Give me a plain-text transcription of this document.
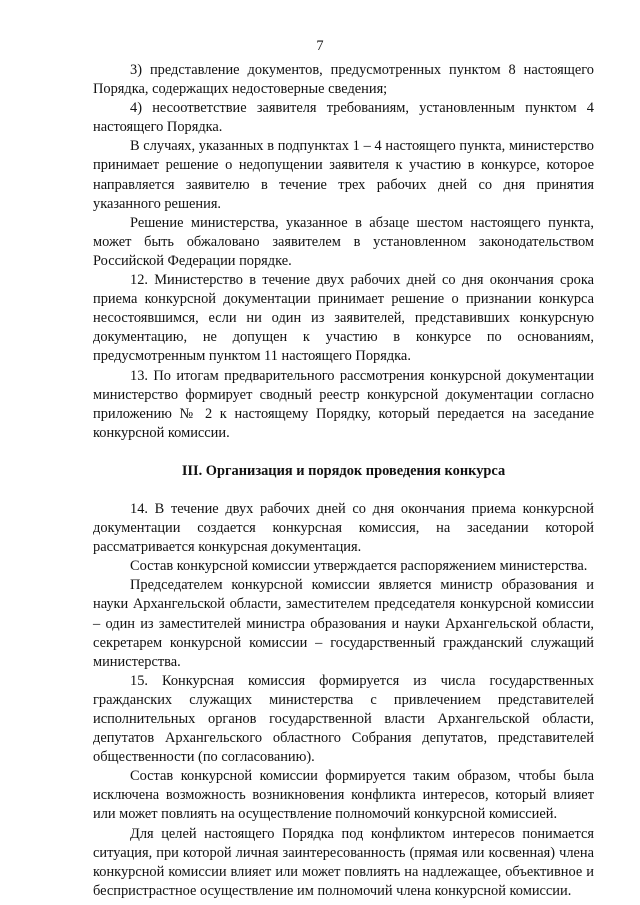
7

3) представление документов, предусмотренных пунктом 8 настоящего Порядка, содержащих недостоверные сведения;

4) несоответствие заявителя требованиям, установленным пунктом 4 настоящего Порядка.

В случаях, указанных в подпунктах 1 – 4 настоящего пункта, министерство принимает решение о недопущении заявителя к участию в конкурсе, которое направляется заявителю в течение трех рабочих дней со дня принятия указанного решения.

Решение министерства, указанное в абзаце шестом настоящего пункта, может быть обжаловано заявителем в установленном законодательством Российской Федерации порядке.

12. Министерство в течение двух рабочих дней со дня окончания срока приема конкурсной документации принимает решение о признании конкурса несостоявшимся, если ни один из заявителей, представивших конкурсную документацию, не допущен к участию в конкурсе по основаниям, предусмотренным пунктом 11 настоящего Порядка.

13. По итогам предварительного рассмотрения конкурсной документации министерство формирует сводный реестр конкурсной документации согласно приложению № 2 к настоящему Порядку, который передается на заседание конкурсной комиссии.

III. Организация и порядок проведения конкурса

14. В течение двух рабочих дней со дня окончания приема конкурсной документации создается конкурсная комиссия, на заседании которой рассматривается конкурсная документация.

Состав конкурсной комиссии утверждается распоряжением министерства.

Председателем конкурсной комиссии является министр образования и науки Архангельской области, заместителем председателя конкурсной комиссии – один из заместителей министра образования и науки Архангельской области, секретарем конкурсной комиссии – государственный гражданский служащий министерства.

15. Конкурсная комиссия формируется из числа государственных гражданских служащих министерства с привлечением представителей исполнительных органов государственной власти Архангельской области, депутатов Архангельского областного Собрания депутатов, представителей общественности (по согласованию).

Состав конкурсной комиссии формируется таким образом, чтобы была исключена возможность возникновения конфликта интересов, который влияет или может повлиять на осуществление полномочий конкурсной комиссией.

Для целей настоящего Порядка под конфликтом интересов понимается ситуация, при которой личная заинтересованность (прямая или косвенная) члена конкурсной комиссии влияет или может повлиять на надлежащее, объективное и беспристрастное осуществление им полномочий члена конкурсной комиссии.
